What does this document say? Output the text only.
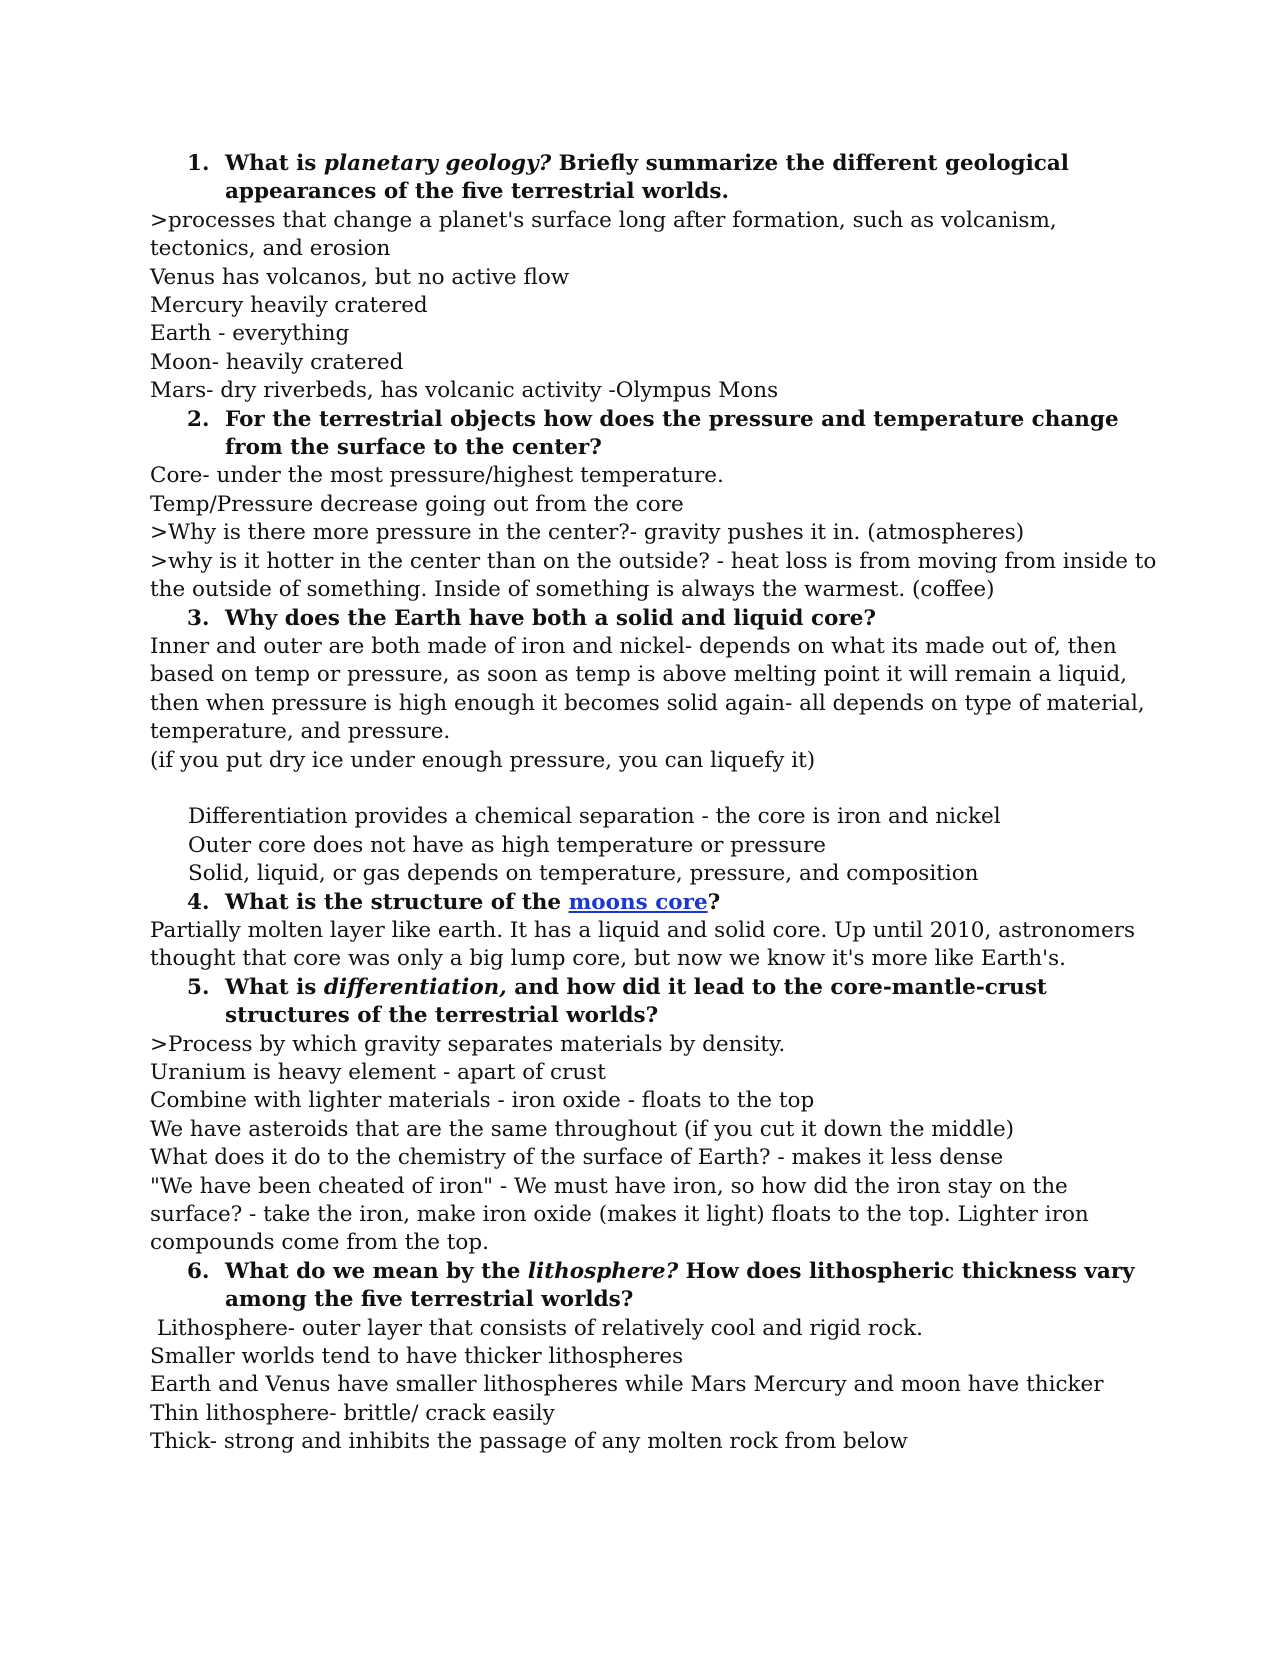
1. What is planetary geology? Briefly summarize the different geological appearances of the five terrestrial worlds.

>processes that change a planet's surface long after formation, such as volcanism, tectonics, and erosion

Venus has volcanos, but no active flow

Mercury heavily cratered

Earth - everything

Moon- heavily cratered

Mars- dry riverbeds, has volcanic activity -Olympus Mons

2. For the terrestrial objects how does the pressure and temperature change from the surface to the center?

Core- under the most pressure/highest temperature.

Temp/Pressure decrease going out from the core

>Why is there more pressure in the center?- gravity pushes it in. (atmospheres)

>why is it hotter in the center than on the outside? - heat loss is from moving from inside to the outside of something. Inside of something is always the warmest. (coffee)

3. Why does the Earth have both a solid and liquid core?

Inner and outer are both made of iron and nickel- depends on what its made out of, then based on temp or pressure, as soon as temp is above melting point it will remain a liquid, then when pressure is high enough it becomes solid again- all depends on type of material, temperature, and pressure.

(if you put dry ice under enough pressure, you can liquefy it)

Differentiation provides a chemical separation - the core is iron and nickel

Outer core does not have as high temperature or pressure

Solid, liquid, or gas depends on temperature, pressure, and composition

4. What is the structure of the moons core?

Partially molten layer like earth. It has a liquid and solid core. Up until 2010, astronomers thought that core was only a big lump core, but now we know it's more like Earth's.

5. What is differentiation, and how did it lead to the core-mantle-crust structures of the terrestrial worlds?

>Process by which gravity separates materials by density.

Uranium is heavy element - apart of crust

Combine with lighter materials - iron oxide - floats to the top

We have asteroids that are the same throughout (if you cut it down the middle)

What does it do to the chemistry of the surface of Earth? - makes it less dense

"We have been cheated of iron" - We must have iron, so how did the iron stay on the surface? - take the iron, make iron oxide (makes it light) floats to the top. Lighter iron compounds come from the top.

6. What do we mean by the lithosphere? How does lithospheric thickness vary among the five terrestrial worlds?

Lithosphere- outer layer that consists of relatively cool and rigid rock.

Smaller worlds tend to have thicker lithospheres

Earth and Venus have smaller lithospheres while Mars Mercury and moon have thicker

Thin lithosphere- brittle/ crack easily

Thick- strong and inhibits the passage of any molten rock from below
